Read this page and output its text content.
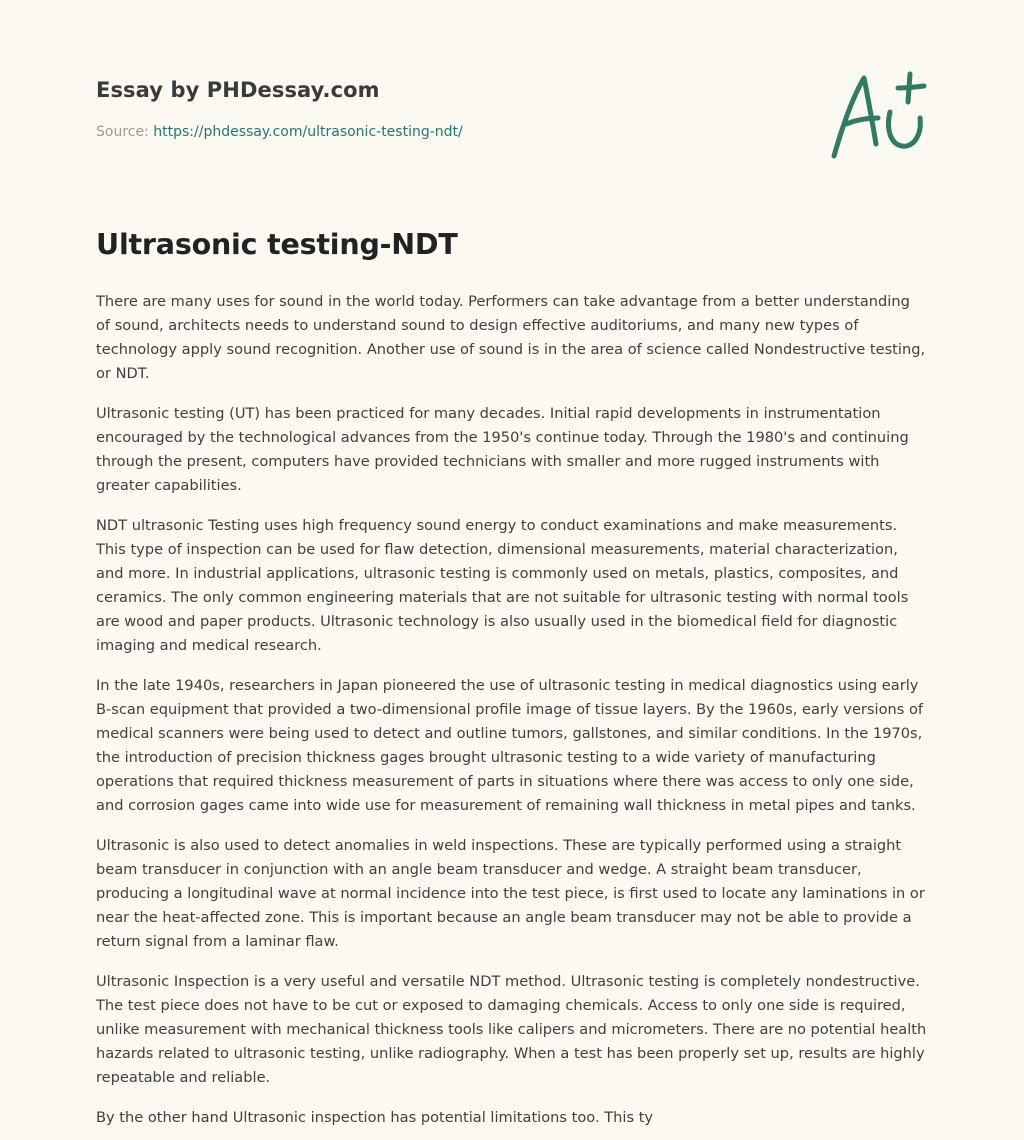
Essay by PHDessay.com
Source: https://phdessay.com/ultrasonic-testing-ndt/
Ultrasonic testing-NDT

There are many uses for sound in the world today. Performers can take advantage from a better understanding of sound, architects needs to understand sound to design effective auditoriums, and many new types of technology apply sound recognition. Another use of sound is in the area of science called Nondestructive testing, or NDT.

Ultrasonic testing (UT) has been practiced for many decades. Initial rapid developments in instrumentation encouraged by the technological advances from the 1950's continue today. Through the 1980's and continuing through the present, computers have provided technicians with smaller and more rugged instruments with greater capabilities.

NDT ultrasonic Testing uses high frequency sound energy to conduct examinations and make measurements. This type of inspection can be used for flaw detection, dimensional measurements, material characterization, and more. In industrial applications, ultrasonic testing is commonly used on metals, plastics, composites, and ceramics. The only common engineering materials that are not suitable for ultrasonic testing with normal tools are wood and paper products. Ultrasonic technology is also usually used in the biomedical field for diagnostic imaging and medical research.

In the late 1940s, researchers in Japan pioneered the use of ultrasonic testing in medical diagnostics using early B-scan equipment that provided a two-dimensional profile image of tissue layers. By the 1960s, early versions of medical scanners were being used to detect and outline tumors, gallstones, and similar conditions. In the 1970s, the introduction of precision thickness gages brought ultrasonic testing to a wide variety of manufacturing operations that required thickness measurement of parts in situations where there was access to only one side, and corrosion gages came into wide use for measurement of remaining wall thickness in metal pipes and tanks.

Ultrasonic is also used to detect anomalies in weld inspections. These are typically performed using a straight beam transducer in conjunction with an angle beam transducer and wedge. A straight beam transducer, producing a longitudinal wave at normal incidence into the test piece, is first used to locate any laminations in or near the heat-affected zone. This is important because an angle beam transducer may not be able to provide a return signal from a laminar flaw.

Ultrasonic Inspection is a very useful and versatile NDT method. Ultrasonic testing is completely nondestructive. The test piece does not have to be cut or exposed to damaging chemicals. Access to only one side is required, unlike measurement with mechanical thickness tools like calipers and micrometers. There are no potential health hazards related to ultrasonic testing, unlike radiography. When a test has been properly set up, results are highly repeatable and reliable.

By the other hand Ultrasonic inspection has potential limitations too. This ty
